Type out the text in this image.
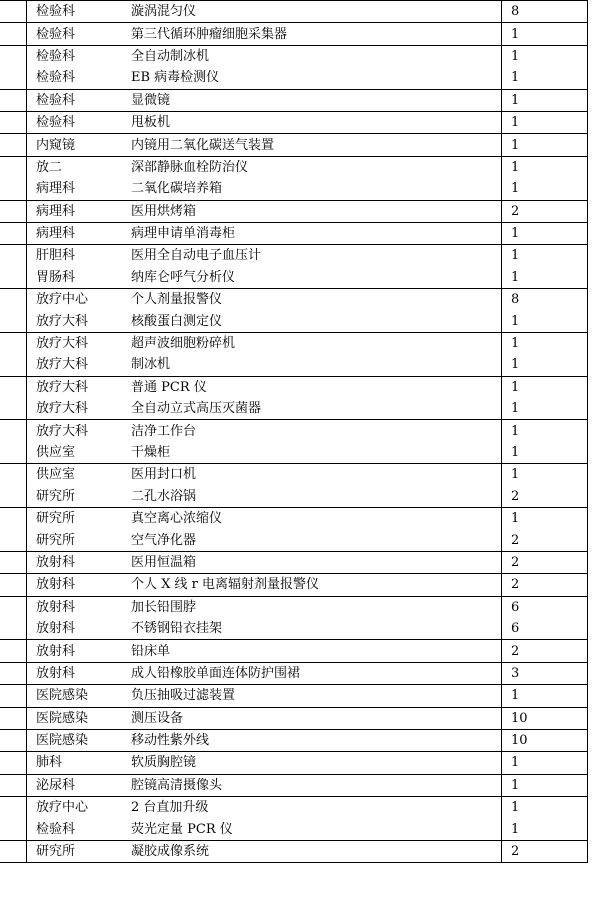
	检验科	漩涡混匀仪	8
	检验科	第三代循环肿瘤细胞采集器	1
	检验科	全自动制冰机	1
	检验科	EB 病毒检测仪	1
	检验科	显微镜	1
	检验科	甩板机	1
	内窥镜	内镜用二氧化碳送气装置	1
	放二	深部静脉血栓防治仪	1
	病理科	二氧化碳培养箱	1
	病理科	医用烘烤箱	2
	病理科	病理申请单消毒柜	1
	肝胆科	医用全自动电子血压计	1
	胃肠科	纳库仑呼气分析仪	1
	放疗中心	个人剂量报警仪	8
	放疗大科	核酸蛋白测定仪	1
	放疗大科	超声波细胞粉碎机	1
	放疗大科	制冰机	1
	放疗大科	普通 PCR 仪	1
	放疗大科	全自动立式高压灭菌器	1
	放疗大科	洁净工作台	1
	供应室	干燥柜	1
	供应室	医用封口机	1
	研究所	二孔水浴锅	2
	研究所	真空离心浓缩仪	1
	研究所	空气净化器	2
	放射科	医用恒温箱	2
	放射科	个人 X 线 r 电离辐射剂量报警仪	2
	放射科	加长铅围脖	6
	放射科	不锈钢铅衣挂架	6
	放射科	铅床单	2
	放射科	成人铅橡胶单面连体防护围裙	3
	医院感染	负压抽吸过滤装置	1
	医院感染	测压设备	10
	医院感染	移动性紫外线	10
	肺科	软质胸腔镜	1
	泌尿科	腔镜高清摄像头	1
	放疗中心	2 台直加升级	1
	检验科	荧光定量 PCR 仪	1
	研究所	凝胶成像系统	2
